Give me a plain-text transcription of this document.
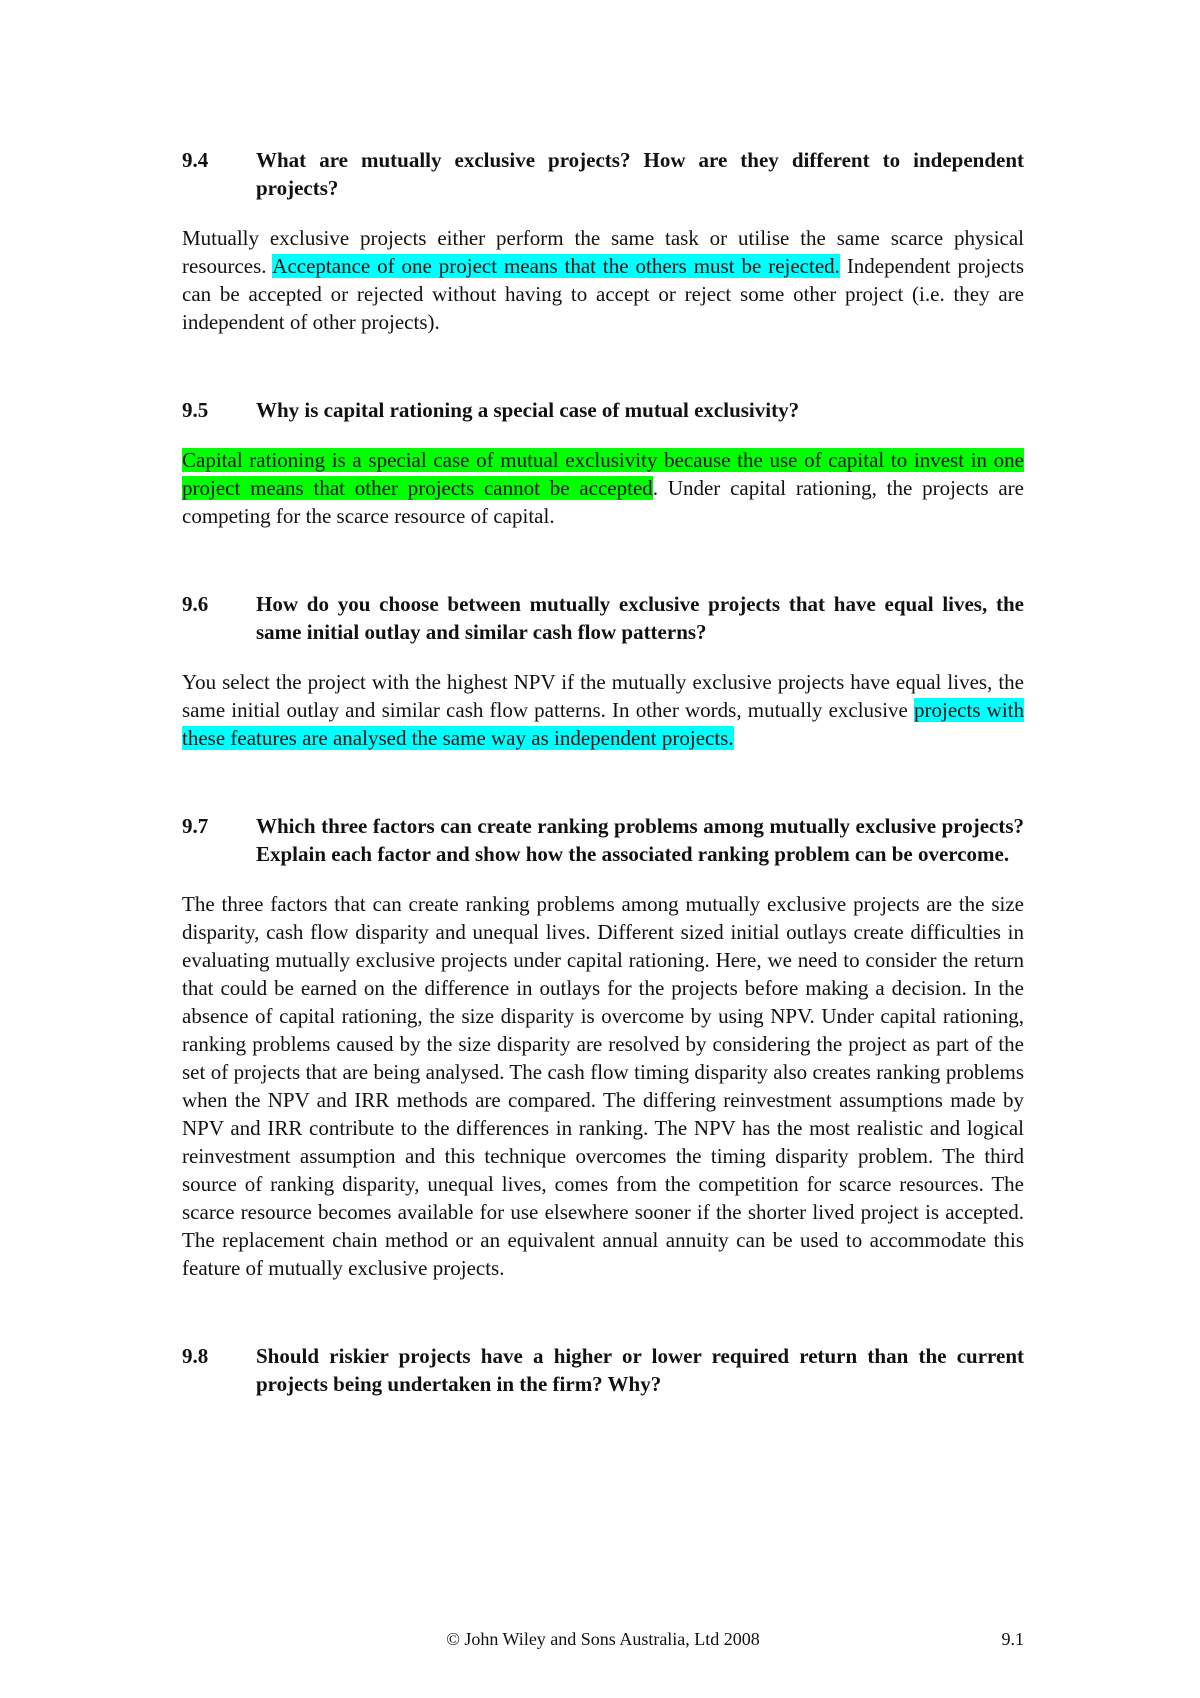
9.4	What are mutually exclusive projects? How are they different to independent projects?

Mutually exclusive projects either perform the same task or utilise the same scarce physical resources. Acceptance of one project means that the others must be rejected. Independent projects can be accepted or rejected without having to accept or reject some other project (i.e. they are independent of other projects).

9.5	Why is capital rationing a special case of mutual exclusivity?

Capital rationing is a special case of mutual exclusivity because the use of capital to invest in one project means that other projects cannot be accepted. Under capital rationing, the projects are competing for the scarce resource of capital.

9.6	How do you choose between mutually exclusive projects that have equal lives, the same initial outlay and similar cash flow patterns?

You select the project with the highest NPV if the mutually exclusive projects have equal lives, the same initial outlay and similar cash flow patterns. In other words, mutually exclusive projects with these features are analysed the same way as independent projects.

9.7	Which three factors can create ranking problems among mutually exclusive projects? Explain each factor and show how the associated ranking problem can be overcome.

The three factors that can create ranking problems among mutually exclusive projects are the size disparity, cash flow disparity and unequal lives. Different sized initial outlays create difficulties in evaluating mutually exclusive projects under capital rationing. Here, we need to consider the return that could be earned on the difference in outlays for the projects before making a decision. In the absence of capital rationing, the size disparity is overcome by using NPV. Under capital rationing, ranking problems caused by the size disparity are resolved by considering the project as part of the set of projects that are being analysed. The cash flow timing disparity also creates ranking problems when the NPV and IRR methods are compared. The differing reinvestment assumptions made by NPV and IRR contribute to the differences in ranking. The NPV has the most realistic and logical reinvestment assumption and this technique overcomes the timing disparity problem. The third source of ranking disparity, unequal lives, comes from the competition for scarce resources. The scarce resource becomes available for use elsewhere sooner if the shorter lived project is accepted. The replacement chain method or an equivalent annual annuity can be used to accommodate this feature of mutually exclusive projects.

9.8	Should riskier projects have a higher or lower required return than the current projects being undertaken in the firm? Why?
© John Wiley and Sons Australia, Ltd 2008	9.1
